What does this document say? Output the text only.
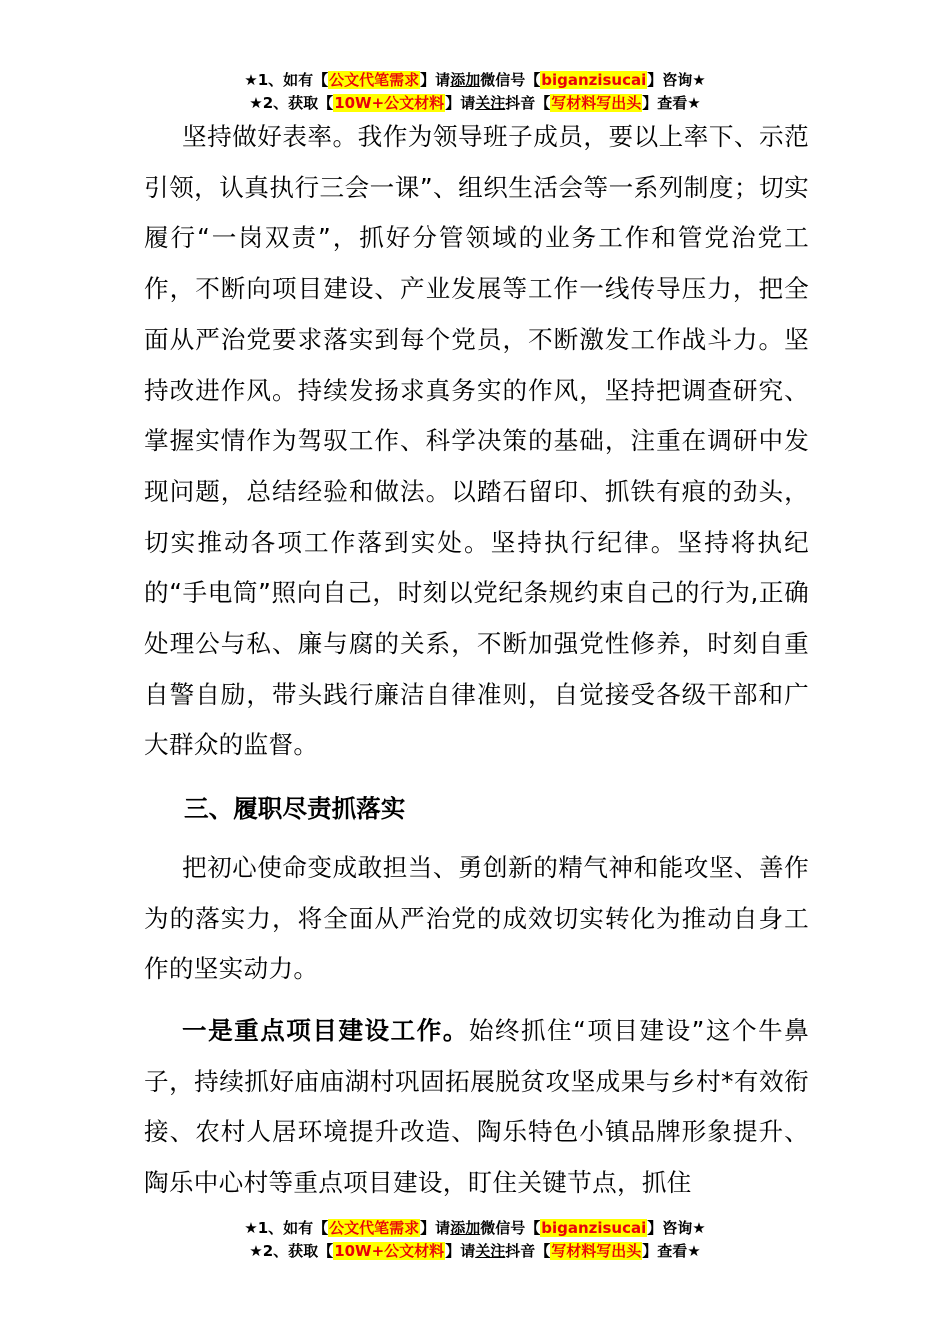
★1、如有【公文代笔需求】请添加微信号【biganzisucai】咨询★
★2、获取【10W+公文材料】请关注抖音【写材料写出头】查看★

坚持做好表率。我作为领导班子成员，要以上率下、示范引领，认真执行三会一课”、组织生活会等一系列制度；切实履行“一岗双责”，抓好分管领域的业务工作和管党治党工作，不断向项目建设、产业发展等工作一线传导压力，把全面从严治党要求落实到每个党员，不断激发工作战斗力。坚持改进作风。持续发扬求真务实的作风，坚持把调查研究、掌握实情作为驾驭工作、科学决策的基础，注重在调研中发现问题，总结经验和做法。以踏石留印、抓铁有痕的劲头，切实推动各项工作落到实处。坚持执行纪律。坚持将执纪的“手电筒”照向自己，时刻以党纪条规约束自己的行为,正确处理公与私、廉与腐的关系，不断加强党性修养，时刻自重自警自励，带头践行廉洁自律准则，自觉接受各级干部和广大群众的监督。

三、履职尽责抓落实

把初心使命变成敢担当、勇创新的精气神和能攻坚、善作为的落实力，将全面从严治党的成效切实转化为推动自身工作的坚实动力。

一是重点项目建设工作。始终抓住“项目建设”这个牛鼻子，持续抓好庙庙湖村巩固拓展脱贫攻坚成果与乡村*有效衔接、农村人居环境提升改造、陶乐特色小镇品牌形象提升、陶乐中心村等重点项目建设，盯住关键节点，抓住

★1、如有【公文代笔需求】请添加微信号【biganzisucai】咨询★
★2、获取【10W+公文材料】请关注抖音【写材料写出头】查看★
